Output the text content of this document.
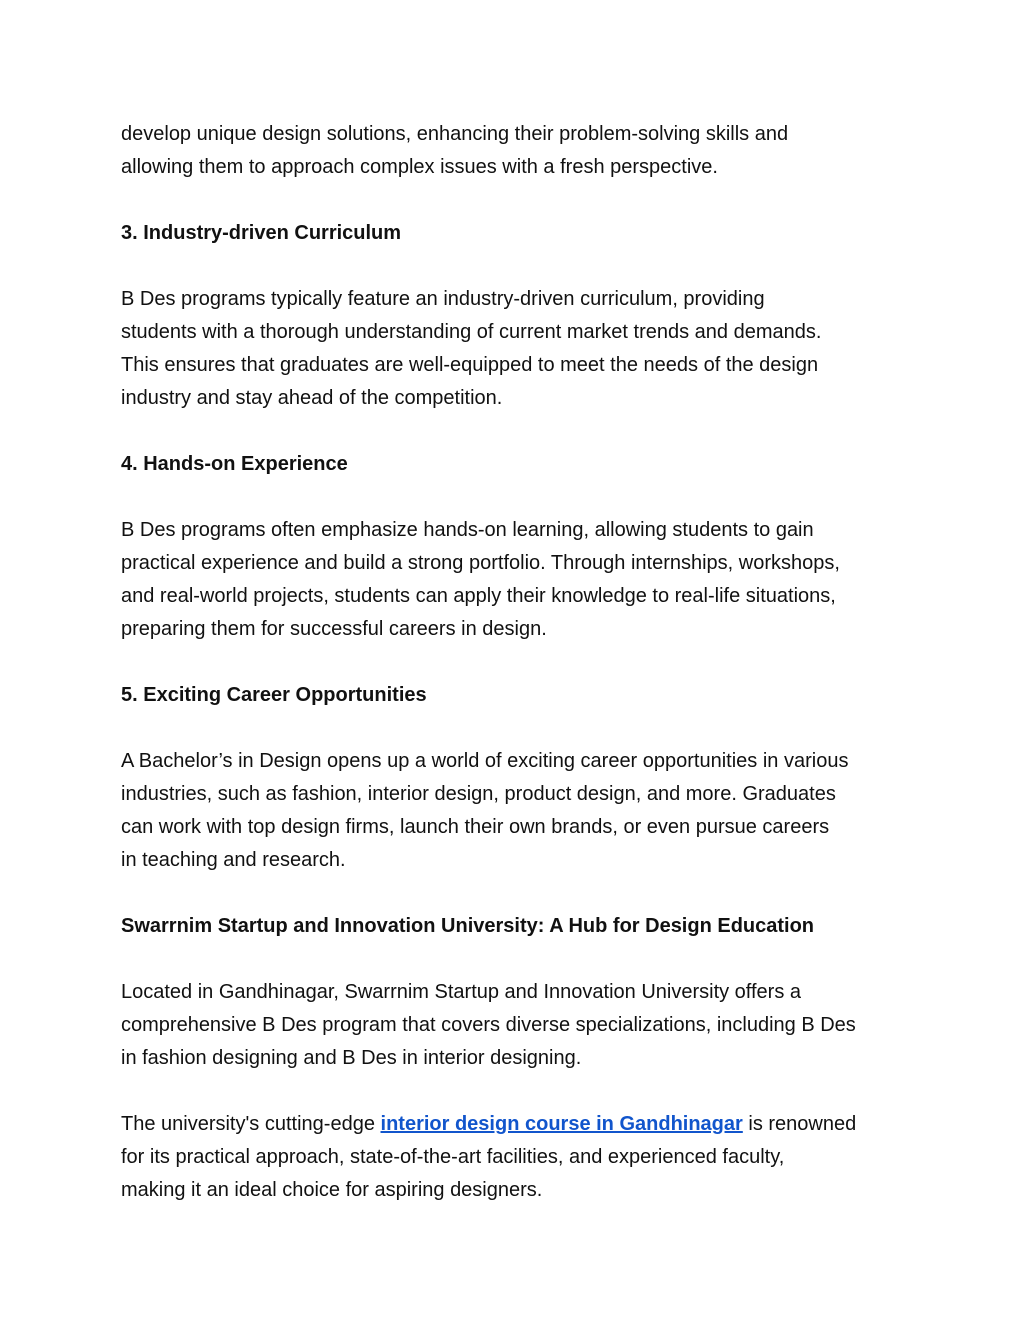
develop unique design solutions, enhancing their problem-solving skills and
allowing them to approach complex issues with a fresh perspective.

3. Industry-driven Curriculum

B Des programs typically feature an industry-driven curriculum, providing
students with a thorough understanding of current market trends and demands.
This ensures that graduates are well-equipped to meet the needs of the design
industry and stay ahead of the competition.

4. Hands-on Experience

B Des programs often emphasize hands-on learning, allowing students to gain
practical experience and build a strong portfolio. Through internships, workshops,
and real-world projects, students can apply their knowledge to real-life situations,
preparing them for successful careers in design.

5. Exciting Career Opportunities

A Bachelor’s in Design opens up a world of exciting career opportunities in various
industries, such as fashion, interior design, product design, and more. Graduates
can work with top design firms, launch their own brands, or even pursue careers
in teaching and research.

Swarrnim Startup and Innovation University: A Hub for Design Education

Located in Gandhinagar, Swarrnim Startup and Innovation University offers a
comprehensive B Des program that covers diverse specializations, including B Des
in fashion designing and B Des in interior designing.

The university's cutting-edge interior design course in Gandhinagar is renowned
for its practical approach, state-of-the-art facilities, and experienced faculty,
making it an ideal choice for aspiring designers.
